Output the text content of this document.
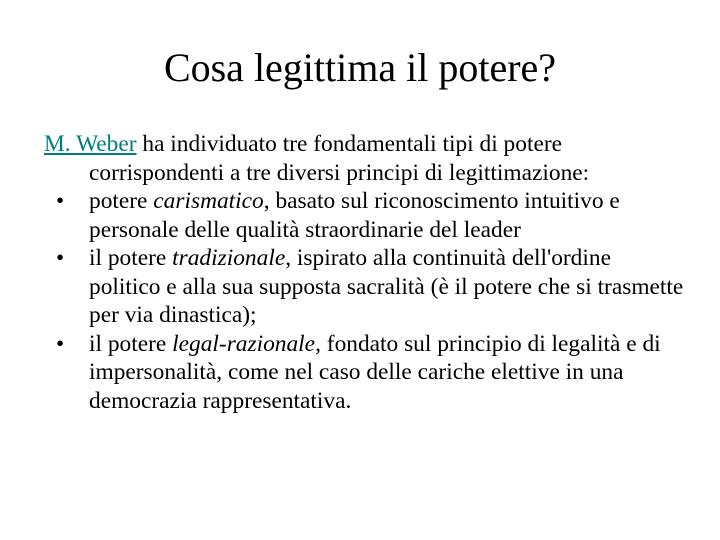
Cosa legittima il potere?

M. Weber ha individuato tre fondamentali tipi di potere corrispondenti a tre diversi principi di legittimazione:

• potere carismatico, basato sul riconoscimento intuitivo e personale delle qualità straordinarie del leader

• il potere tradizionale, ispirato alla continuità dell'ordine politico e alla sua supposta sacralità (è il potere che si trasmette per via dinastica);

• il potere legal-razionale, fondato sul principio di legalità e di impersonalità, come nel caso delle cariche elettive in una democrazia rappresentativa.
